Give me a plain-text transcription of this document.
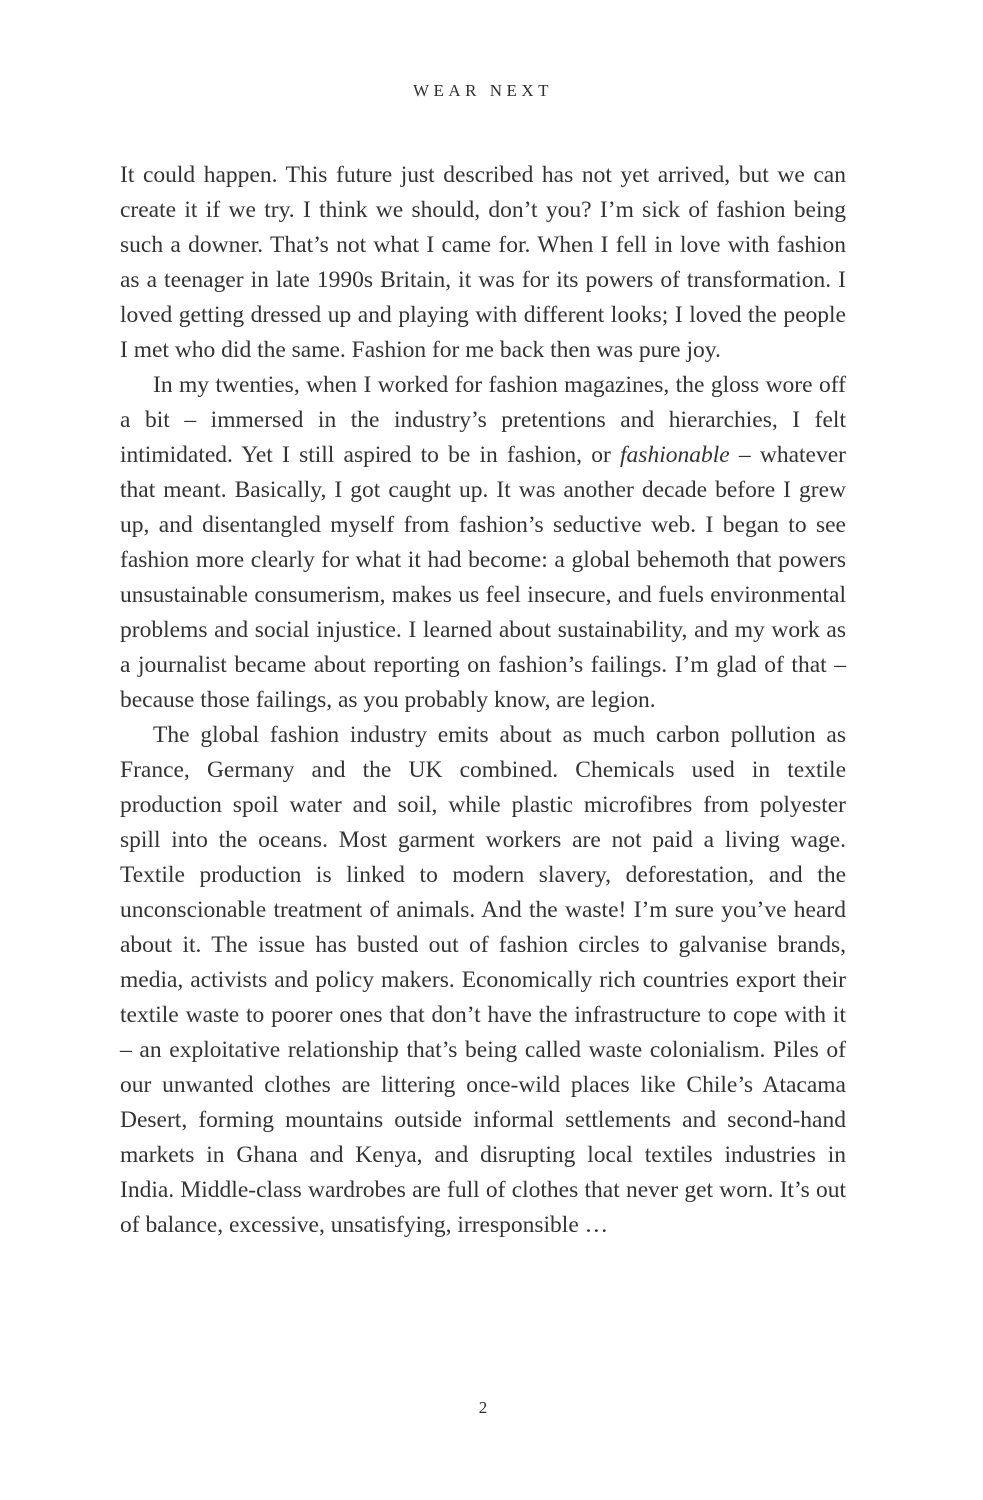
WEAR NEXT

It could happen. This future just described has not yet arrived, but we can create it if we try. I think we should, don’t you? I’m sick of fashion being such a downer. That’s not what I came for. When I fell in love with fashion as a teenager in late 1990s Britain, it was for its powers of transformation. I loved getting dressed up and playing with different looks; I loved the people I met who did the same. Fashion for me back then was pure joy.

In my twenties, when I worked for fashion magazines, the gloss wore off a bit – immersed in the industry’s pretentions and hierarchies, I felt intimidated. Yet I still aspired to be in fashion, or fashionable – whatever that meant. Basically, I got caught up. It was another decade before I grew up, and disentangled myself from fashion’s seductive web. I began to see fashion more clearly for what it had become: a global behemoth that powers unsustainable consumerism, makes us feel insecure, and fuels environmental problems and social injustice. I learned about sustainability, and my work as a journalist became about reporting on fashion’s failings. I’m glad of that – because those failings, as you probably know, are legion.

The global fashion industry emits about as much carbon pollution as France, Germany and the UK combined. Chemicals used in textile production spoil water and soil, while plastic microfibres from polyester spill into the oceans. Most garment workers are not paid a living wage. Textile production is linked to modern slavery, deforestation, and the unconscionable treatment of animals. And the waste! I’m sure you’ve heard about it. The issue has busted out of fashion circles to galvanise brands, media, activists and policy makers. Economically rich countries export their textile waste to poorer ones that don’t have the infrastructure to cope with it – an exploitative relationship that’s being called waste colonialism. Piles of our unwanted clothes are littering once-wild places like Chile’s Atacama Desert, forming mountains outside informal settlements and second-hand markets in Ghana and Kenya, and disrupting local textiles industries in India. Middle-class wardrobes are full of clothes that never get worn. It’s out of balance, excessive, unsatisfying, irresponsible …

2
